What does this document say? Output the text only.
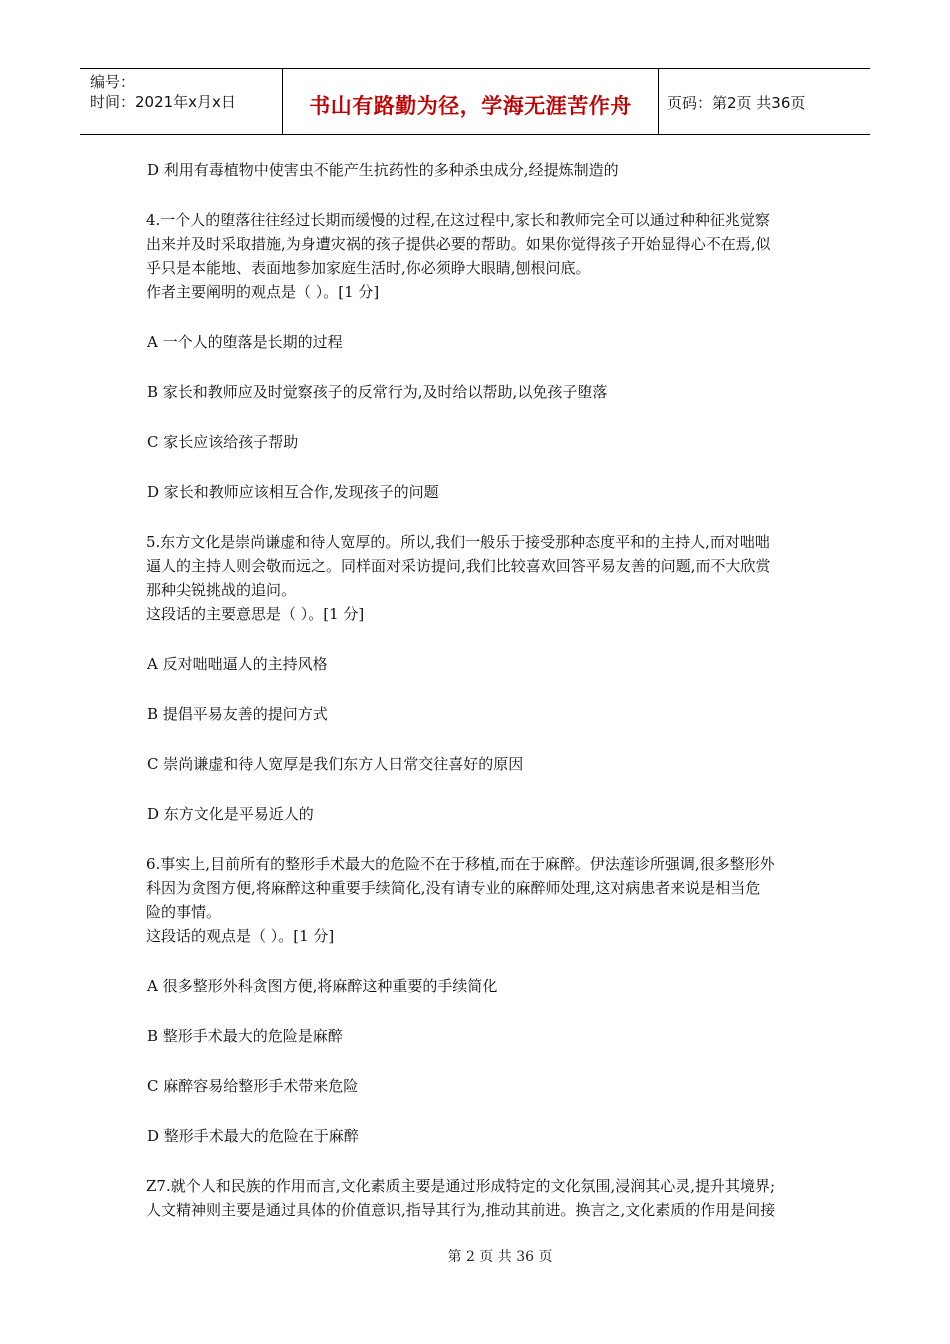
编号：
时间：2021年x月x日	书山有路勤为径，学海无涯苦作舟 页码：第2页 共36页

D 利用有毒植物中使害虫不能产生抗药性的多种杀虫成分,经提炼制造的

4.一个人的堕落往往经过长期而缓慢的过程,在这过程中,家长和教师完全可以通过种种征兆觉察

出来并及时采取措施,为身遭灾祸的孩子提供必要的帮助。如果你觉得孩子开始显得心不在焉,似

乎只是本能地、表面地参加家庭生活时,你必须睁大眼睛,刨根问底。

作者主要阐明的观点是（ ）。[1 分]

A 一个人的堕落是长期的过程

B 家长和教师应及时觉察孩子的反常行为,及时给以帮助,以免孩子堕落

C 家长应该给孩子帮助

D 家长和教师应该相互合作,发现孩子的问题

5.东方文化是崇尚谦虚和待人宽厚的。所以,我们一般乐于接受那种态度平和的主持人,而对咄咄

逼人的主持人则会敬而远之。同样面对采访提问,我们比较喜欢回答平易友善的问题,而不大欣赏

那种尖锐挑战的追问。

这段话的主要意思是（ ）。[1 分]

A 反对咄咄逼人的主持风格

B 提倡平易友善的提问方式

C 崇尚谦虚和待人宽厚是我们东方人日常交往喜好的原因

D 东方文化是平易近人的

6.事实上,目前所有的整形手术最大的危险不在于移植,而在于麻醉。伊法莲诊所强调,很多整形外

科因为贪图方便,将麻醉这种重要手续简化,没有请专业的麻醉师处理,这对病患者来说是相当危

险的事情。

这段话的观点是（ ）。[1 分]

A 很多整形外科贪图方便,将麻醉这种重要的手续简化

B 整形手术最大的危险是麻醉

C 麻醉容易给整形手术带来危险

D 整形手术最大的危险在于麻醉

Z7.就个人和民族的作用而言,文化素质主要是通过形成特定的文化氛围,浸润其心灵,提升其境界;

人文精神则主要是通过具体的价值意识,指导其行为,推动其前进。换言之,文化素质的作用是间接

第 2 页 共 36 页
